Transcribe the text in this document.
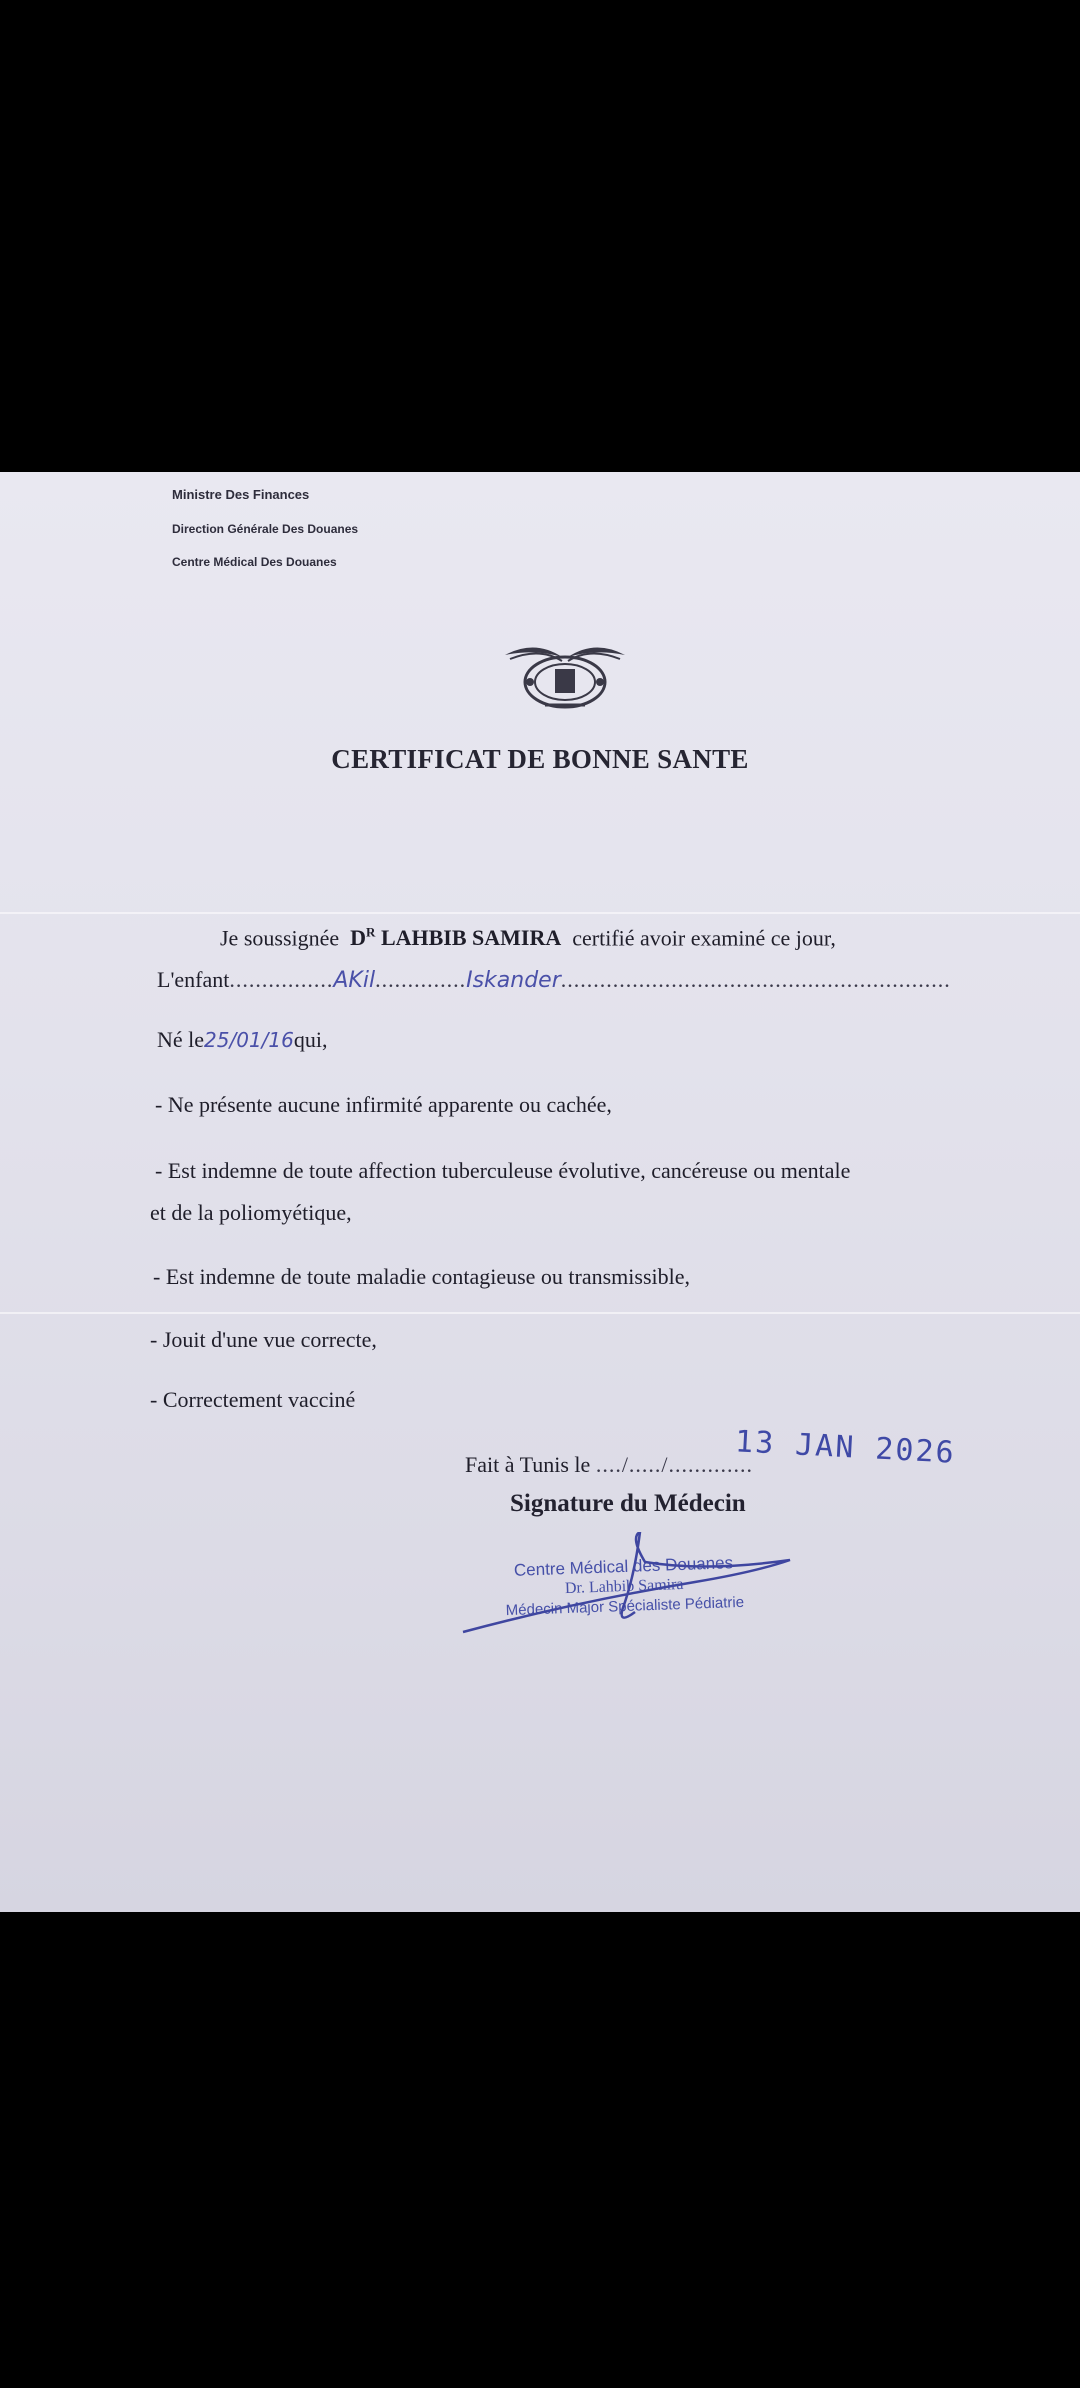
Ministre Des Finances
Direction Générale Des Douanes
Centre Médical Des Douanes
CERTIFICAT DE BONNE SANTE
Je soussignée $D^R$ LAHBIB SAMIRA certifié avoir examiné ce jour,
L'enfant................AKil..............Iskander............................................................
Né le25/01/16qui,
- Ne présente aucune infirmité apparente ou cachée,
- Est indemne de toute affection tuberculeuse évolutive, cancéreuse ou mentale
et de la poliomyétique,
- Est indemne de toute maladie contagieuse ou transmissible,
- Jouit d'une vue correcte,
- Correctement vacciné
Fait à Tunis le ..../...../.............
13 JAN 2026
Signature du Médecin
Centre Médical des Douanes
Dr. Lahbib Samira
Médecin Major Spécialiste Pédiatrie
